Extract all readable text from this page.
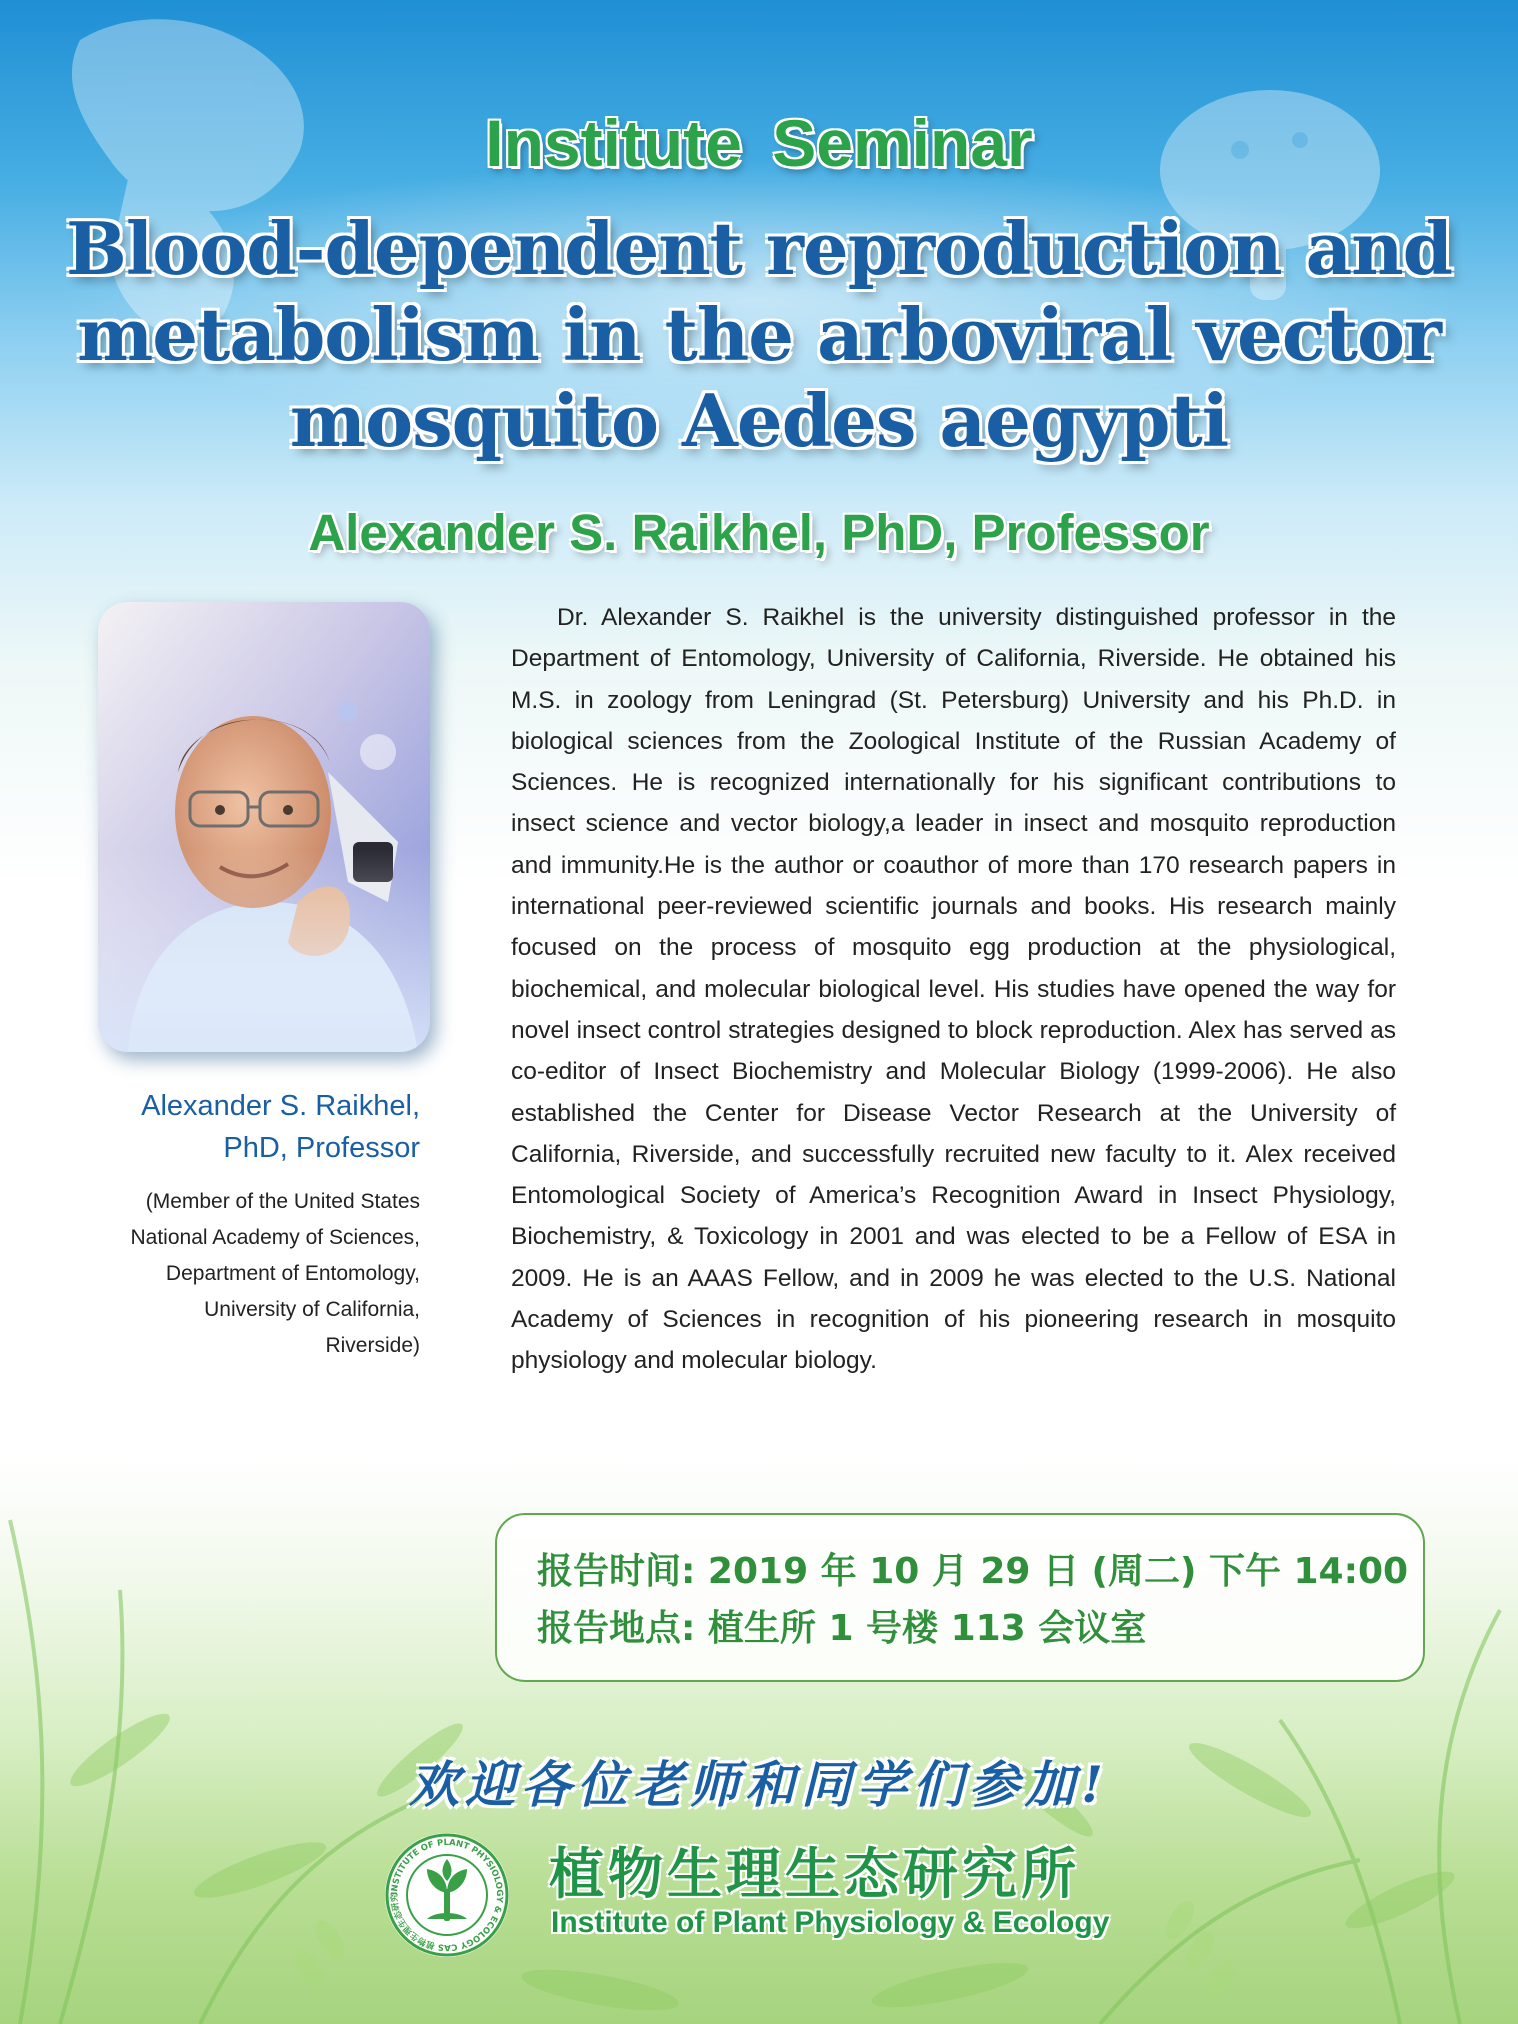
Institute Seminar
Blood-dependent reproduction and
metabolism in the arboviral vector
mosquito Aedes aegypti
Alexander S. Raikhel, PhD, Professor
Alexander S. Raikhel,
PhD, Professor
(Member of the United States
National Academy of Sciences,
Department of Entomology,
University of California,
Riverside)

Dr. Alexander S. Raikhel is the university distinguished professor in the Department of Entomology, University of California, Riverside. He obtained his M.S. in zoology from Leningrad (St. Petersburg) University and his Ph.D. in biological sciences from the Zoological Institute of the Russian Academy of Sciences. He is recognized internationally for his significant contributions to insect science and vector biology,a leader in insect and mosquito reproduction and immunity.He is the author or coauthor of more than 170 research papers in international peer-reviewed scientific journals and books. His research mainly focused on the process of mosquito egg production at the physiological, biochemical, and molecular biological level. His studies have opened the way for novel insect control strategies designed to block reproduction. Alex has served as co-editor of Insect Biochemistry and Molecular Biology (1999-2006). He also established the Center for Disease Vector Research at the University of California, Riverside, and successfully recruited new faculty to it. Alex received Entomological Society of America’s Recognition Award in Insect Physiology, Biochemistry, & Toxicology in 2001 and was elected to be a Fellow of ESA in 2009. He is an AAAS Fellow, and in 2009 he was elected to the U.S. National Academy of Sciences in recognition of his pioneering research in mosquito physiology and molecular biology.

报告时间: 2019 年 10 月 29 日 (周二) 下午 14:00
报告地点: 植生所 1 号楼 113 会议室
欢迎各位老师和同学们参加!
INSTITUTE OF PLANT PHYSIOLOGY & ECOLOGY CAS 植物生理生态研究	植物生理生态研究所
Institute of Plant Physiology & Ecology
